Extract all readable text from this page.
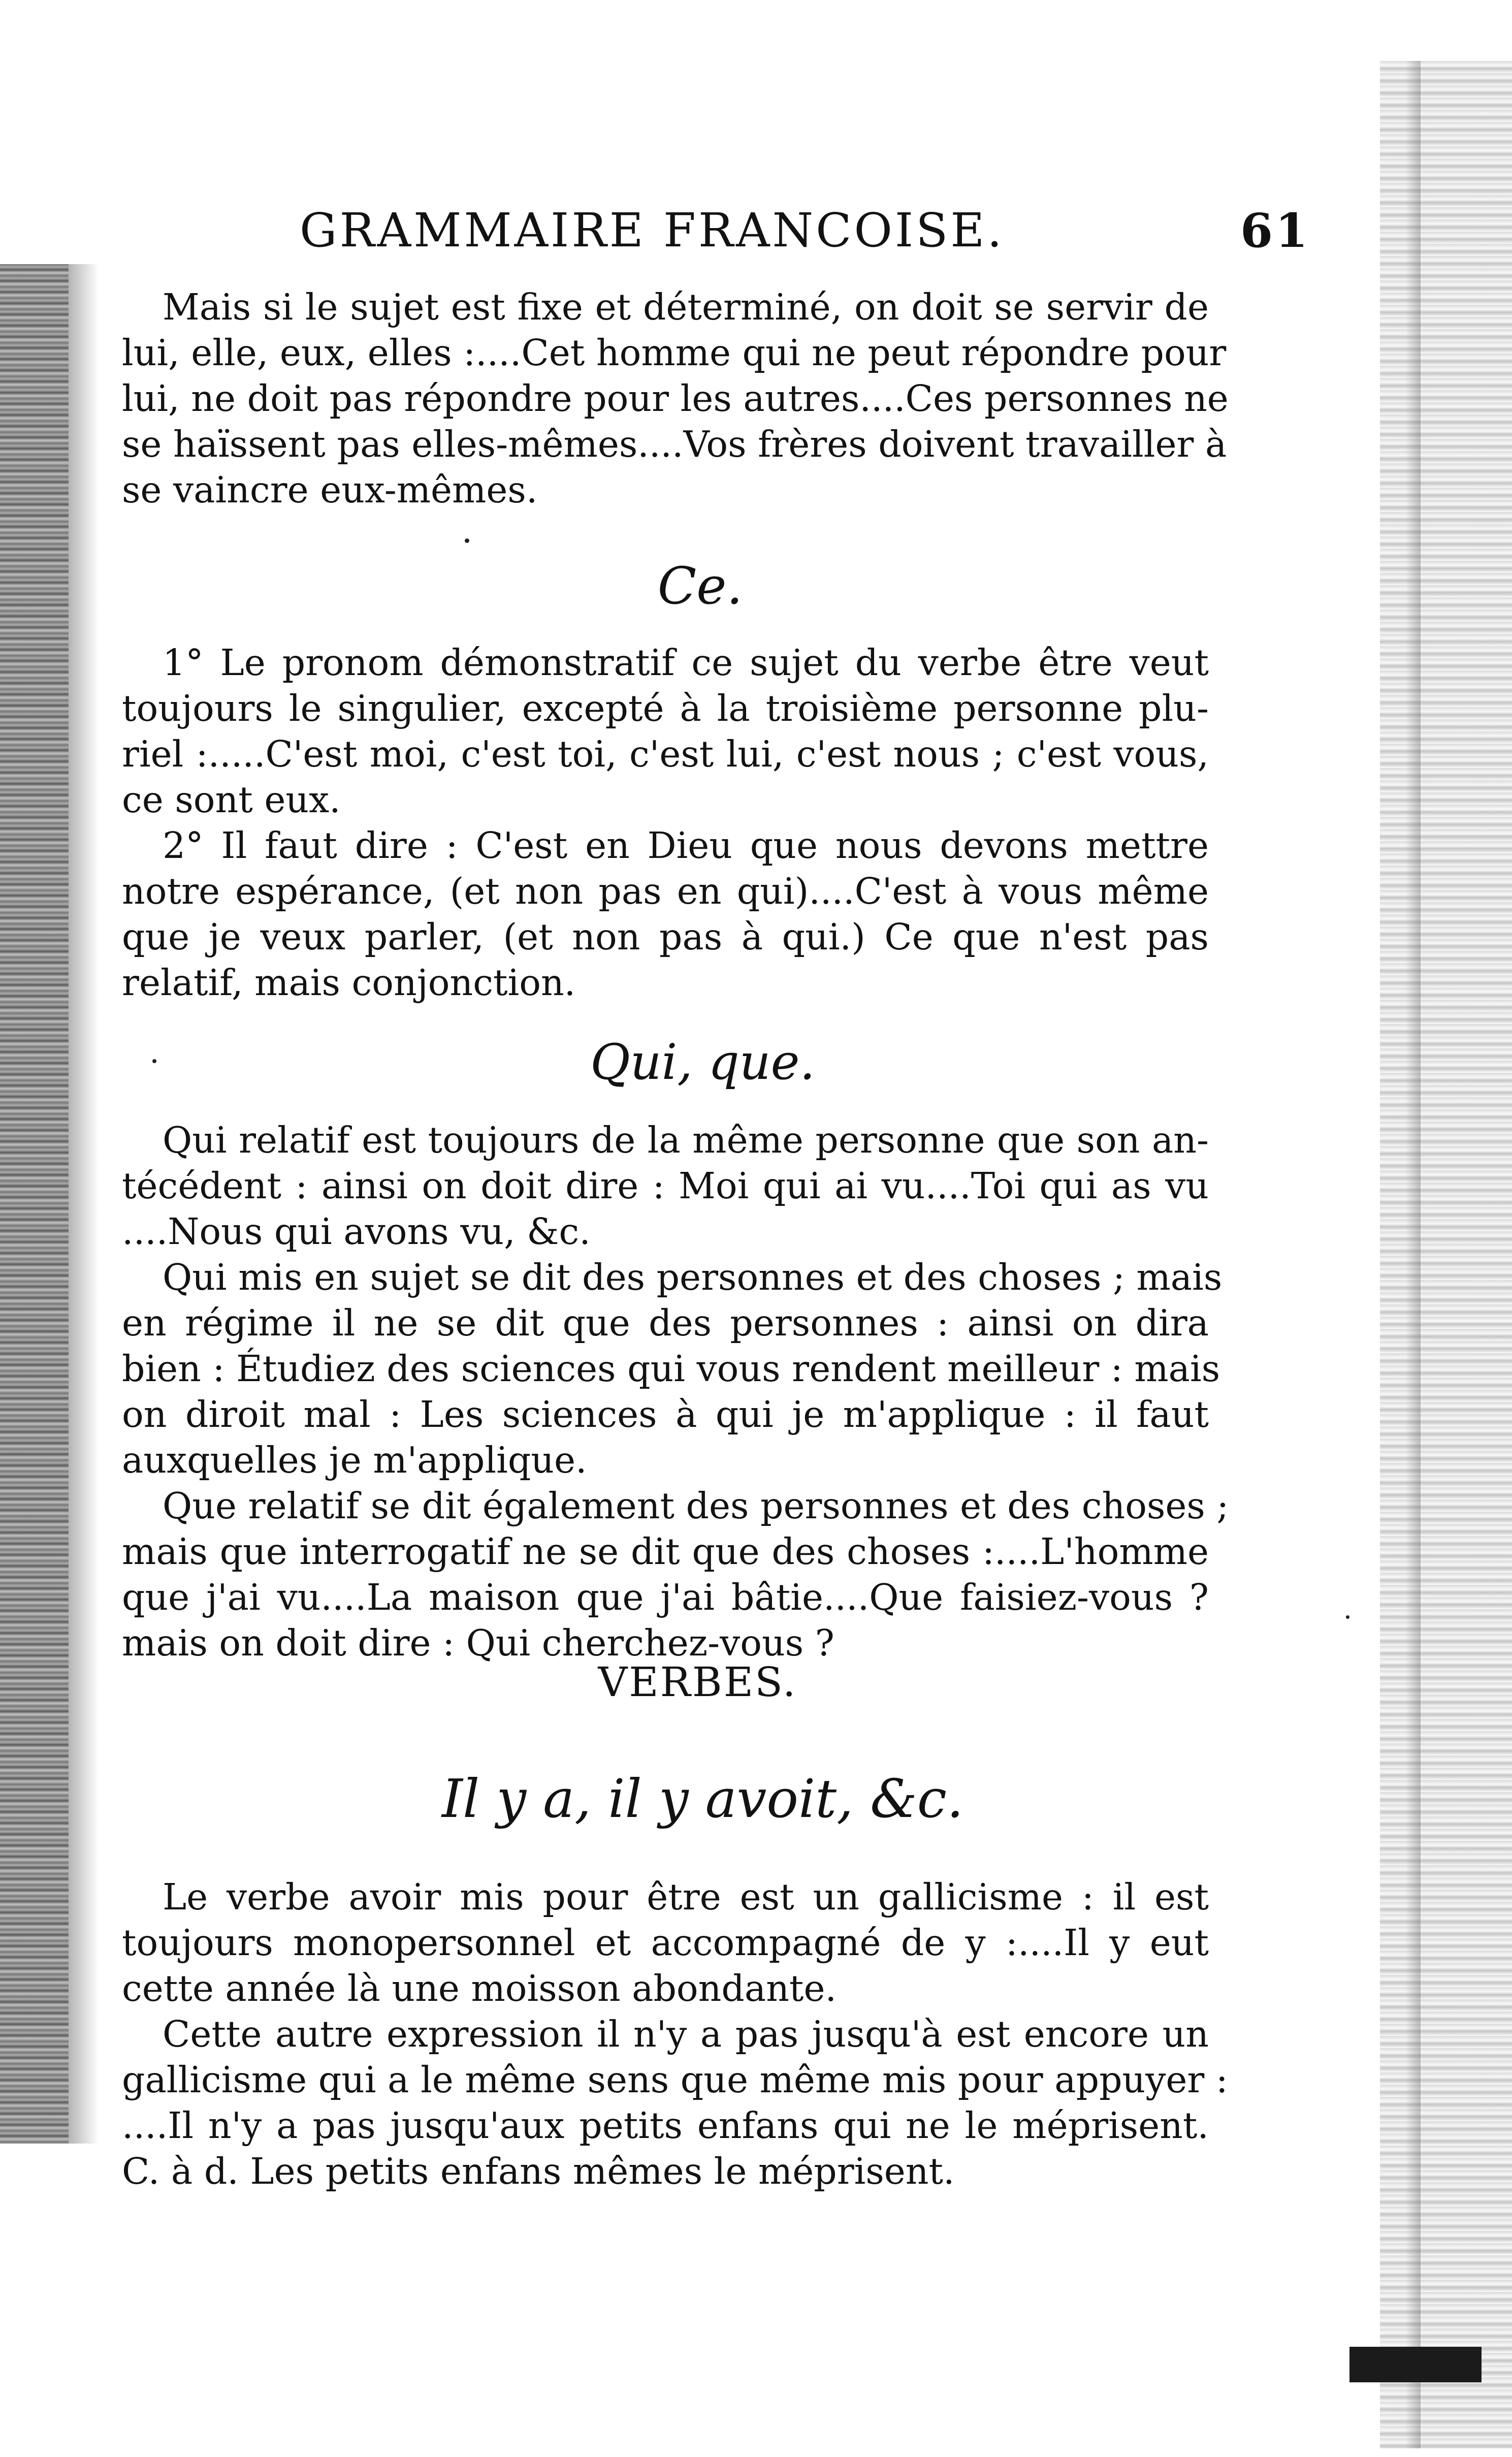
GRAMMAIRE FRANCOISE.	61
Mais si le sujet est fixe et déterminé, on doit se servir de
lui, elle, eux, elles :....Cet homme qui ne peut répondre pour
lui, ne doit pas répondre pour les autres....Ces personnes ne
se haïssent pas elles-mêmes....Vos frères doivent travailler à
se vaincre eux-mêmes.
Ce.
1° Le pronom démonstratif ce sujet du verbe être veut
toujours le singulier, excepté à la troisième personne plu-
riel :.....C'est moi, c'est toi, c'est lui, c'est nous ; c'est vous,
ce sont eux.
2° Il faut dire : C'est en Dieu que nous devons mettre
notre espérance, (et non pas en qui)....C'est à vous même
que je veux parler, (et non pas à qui.) Ce que n'est pas
relatif, mais conjonction.
Qui, que.
Qui relatif est toujours de la même personne que son an-
técédent : ainsi on doit dire : Moi qui ai vu....Toi qui as vu
....Nous qui avons vu, &c.
Qui mis en sujet se dit des personnes et des choses ; mais
en régime il ne se dit que des personnes : ainsi on dira
bien : Étudiez des sciences qui vous rendent meilleur : mais
on diroit mal : Les sciences à qui je m'applique : il faut
auxquelles je m'applique.
Que relatif se dit également des personnes et des choses ;
mais que interrogatif ne se dit que des choses :....L'homme
que j'ai vu....La maison que j'ai bâtie....Que faisiez-vous ?
mais on doit dire : Qui cherchez-vous ?
VERBES.
Il y a, il y avoit, &c.
Le verbe avoir mis pour être est un gallicisme : il est
toujours monopersonnel et accompagné de y :....Il y eut
cette année là une moisson abondante.
Cette autre expression il n'y a pas jusqu'à est encore un
gallicisme qui a le même sens que même mis pour appuyer :
....Il n'y a pas jusqu'aux petits enfans qui ne le méprisent.
C. à d. Les petits enfans mêmes le méprisent.
